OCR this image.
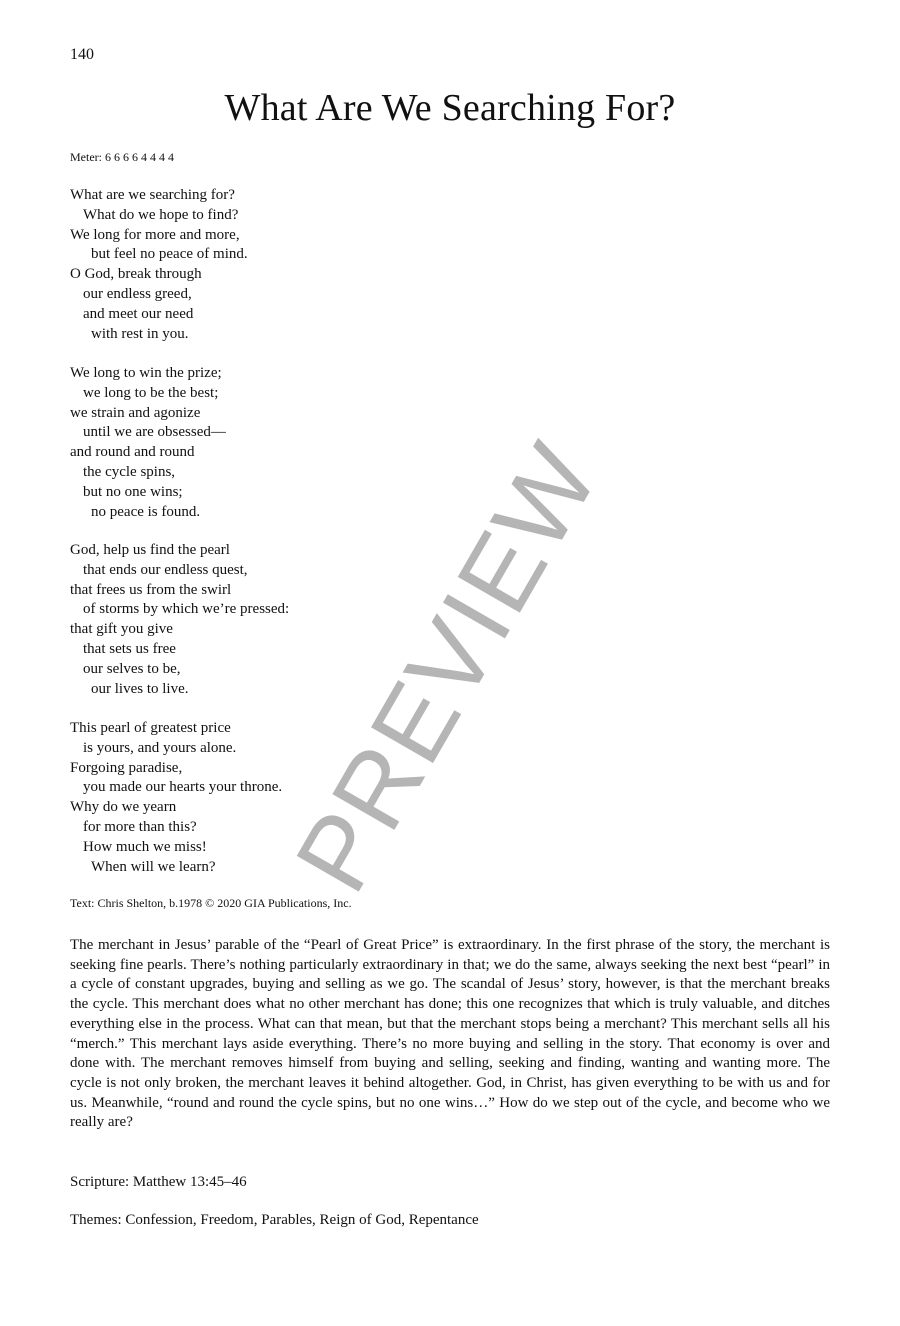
140
What Are We Searching For?
Meter: 6 6 6 6 4 4 4 4
What are we searching for?
What do we hope to find?
We long for more and more,
but feel no peace of mind.
O God, break through
our endless greed,
and meet our need
with rest in you.
We long to win the prize;
we long to be the best;
we strain and agonize
until we are obsessed—
and round and round
the cycle spins,
but no one wins;
no peace is found.
God, help us find the pearl
that ends our endless quest,
that frees us from the swirl
of storms by which we’re pressed:
that gift you give
that sets us free
our selves to be,
our lives to live.
This pearl of greatest price
is yours, and yours alone.
Forgoing paradise,
you made our hearts your throne.
Why do we yearn
for more than this?
How much we miss!
When will we learn?
Text: Chris Shelton, b.1978 © 2020 GIA Publications, Inc.

The merchant in Jesus’ parable of the “Pearl of Great Price” is extraordinary. In the first phrase of the story, the merchant is seeking fine pearls. There’s nothing particularly extraordinary in that; we do the same, always seeking the next best “pearl” in a cycle of constant upgrades, buying and selling as we go. The scandal of Jesus’ story, however, is that the merchant breaks the cycle. This merchant does what no other merchant has done; this one recognizes that which is truly valuable, and ditches everything else in the process. What can that mean, but that the merchant stops being a merchant? This merchant sells all his “merch.” This merchant lays aside everything. There’s no more buying and selling in the story. That economy is over and done with. The merchant removes himself from buying and selling, seeking and finding, wanting and wanting more. The cycle is not only broken, the merchant leaves it behind altogether. God, in Christ, has given everything to be with us and for us. Meanwhile, “round and round the cycle spins, but no one wins…” How do we step out of the cycle, and become who we really are?

Scripture: Matthew 13:45–46
Themes: Confession, Freedom, Parables, Reign of God, Repentance
PREVIEW
